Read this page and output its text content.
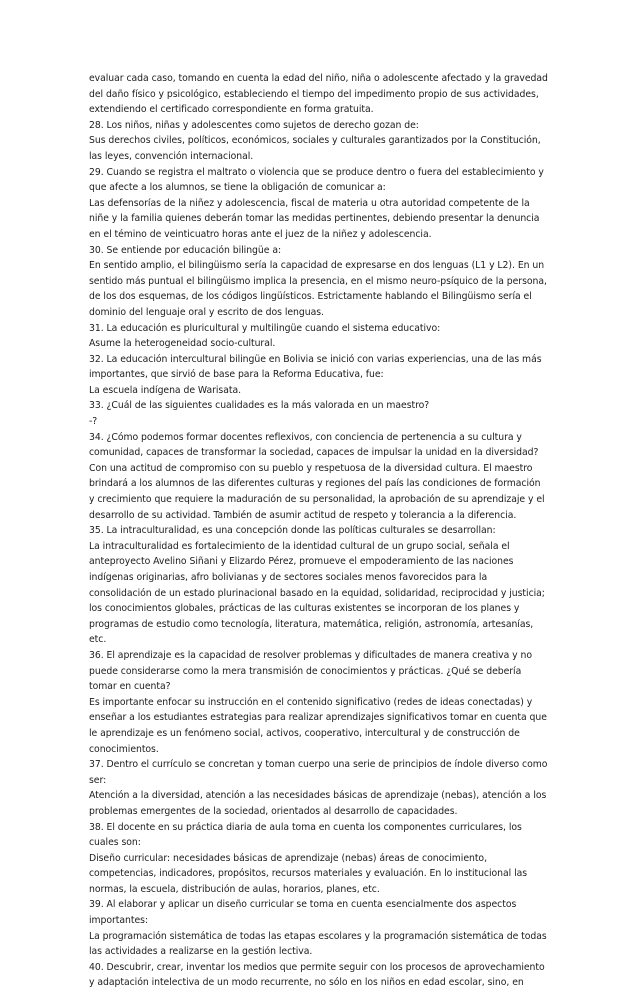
evaluar cada caso, tomando en cuenta la edad del niño, niña o adolescente afectado y la gravedad
del daño físico y psicológico, estableciendo el tiempo del impedimento propio de sus actividades,
extendiendo el certificado correspondiente en forma gratuita.
28. Los niños, niñas y adolescentes como sujetos de derecho gozan de:
Sus derechos civiles, políticos, económicos, sociales y culturales garantizados por la Constitución,
las leyes, convención internacional.
29. Cuando se registra el maltrato o violencia que se produce dentro o fuera del establecimiento y
que afecte a los alumnos, se tiene la obligación de comunicar a:
Las defensorías de la niñez y adolescencia, fiscal de materia u otra autoridad competente de la
niñe y la familia quienes deberán tomar las medidas pertinentes, debiendo presentar la denuncia
en el témino de veinticuatro horas ante el juez de la niñez y adolescencia.
30. Se entiende por educación bilingüe a:
En sentido amplio, el bilingüismo sería la capacidad de expresarse en dos lenguas (L1 y L2). En un
sentido más puntual el bilingüismo implica la presencia, en el mismo neuro-psíquico de la persona,
de los dos esquemas, de los códigos lingüísticos. Estrictamente hablando el Bilingüismo sería el
dominio del lenguaje oral y escrito de dos lenguas.
31. La educación es pluricultural y multilingüe cuando el sistema educativo:
Asume la heterogeneidad socio-cultural.
32. La educación intercultural bilingüe en Bolivia se inició con varias experiencias, una de las más
importantes, que sirvió de base para la Reforma Educativa, fue:
La escuela indígena de Warisata.
33. ¿Cuál de las siguientes cualidades es la más valorada en un maestro?
-?
34. ¿Cómo podemos formar docentes reflexivos, con conciencia de pertenencia a su cultura y
comunidad, capaces de transformar la sociedad, capaces de impulsar la unidad en la diversidad?
Con una actitud de compromiso con su pueblo y respetuosa de la diversidad cultura. El maestro
brindará a los alumnos de las diferentes culturas y regiones del país las condiciones de formación
y crecimiento que requiere la maduración de su personalidad, la aprobación de su aprendizaje y el
desarrollo de su actividad. También de asumir actitud de respeto y tolerancia a la diferencia.
35. La intraculturalidad, es una concepción donde las políticas culturales se desarrollan:
La intraculturalidad es fortalecimiento de la identidad cultural de un grupo social, señala el
anteproyecto Avelino Siñani y Elizardo Pérez, promueve el empoderamiento de las naciones
indígenas originarias, afro bolivianas y de sectores sociales menos favorecidos para la
consolidación de un estado plurinacional basado en la equidad, solidaridad, reciprocidad y justicia;
los conocimientos globales, prácticas de las culturas existentes se incorporan de los planes y
programas de estudio como tecnología, literatura, matemática, religión, astronomía, artesanías,
etc.
36. El aprendizaje es la capacidad de resolver problemas y dificultades de manera creativa y no
puede considerarse como la mera transmisión de conocimientos y prácticas. ¿Qué se debería
tomar en cuenta?
Es importante enfocar su instrucción en el contenido significativo (redes de ideas conectadas) y
enseñar a los estudiantes estrategias para realizar aprendizajes significativos tomar en cuenta que
le aprendizaje es un fenómeno social, activos, cooperativo, intercultural y de construcción de
conocimientos.
37. Dentro el currículo se concretan y toman cuerpo una serie de principios de índole diverso como
ser:
Atención a la diversidad, atención a las necesidades básicas de aprendizaje (nebas), atención a los
problemas emergentes de la sociedad, orientados al desarrollo de capacidades.
38. El docente en su práctica diaria de aula toma en cuenta los componentes curriculares, los
cuales son:
Diseño curricular: necesidades básicas de aprendizaje (nebas) áreas de conocimiento,
competencias, indicadores, propósitos, recursos materiales y evaluación. En lo institucional las
normas, la escuela, distribución de aulas, horarios, planes, etc.
39. Al elaborar y aplicar un diseño curricular se toma en cuenta esencialmente dos aspectos
importantes:
La programación sistemática de todas las etapas escolares y la programación sistemática de todas
las actividades a realizarse en la gestión lectiva.
40. Descubrir, crear, inventar los medios que permite seguir con los procesos de aprovechamiento
y adaptación intelectiva de un modo recurrente, no sólo en los niños en edad escolar, sino, en
